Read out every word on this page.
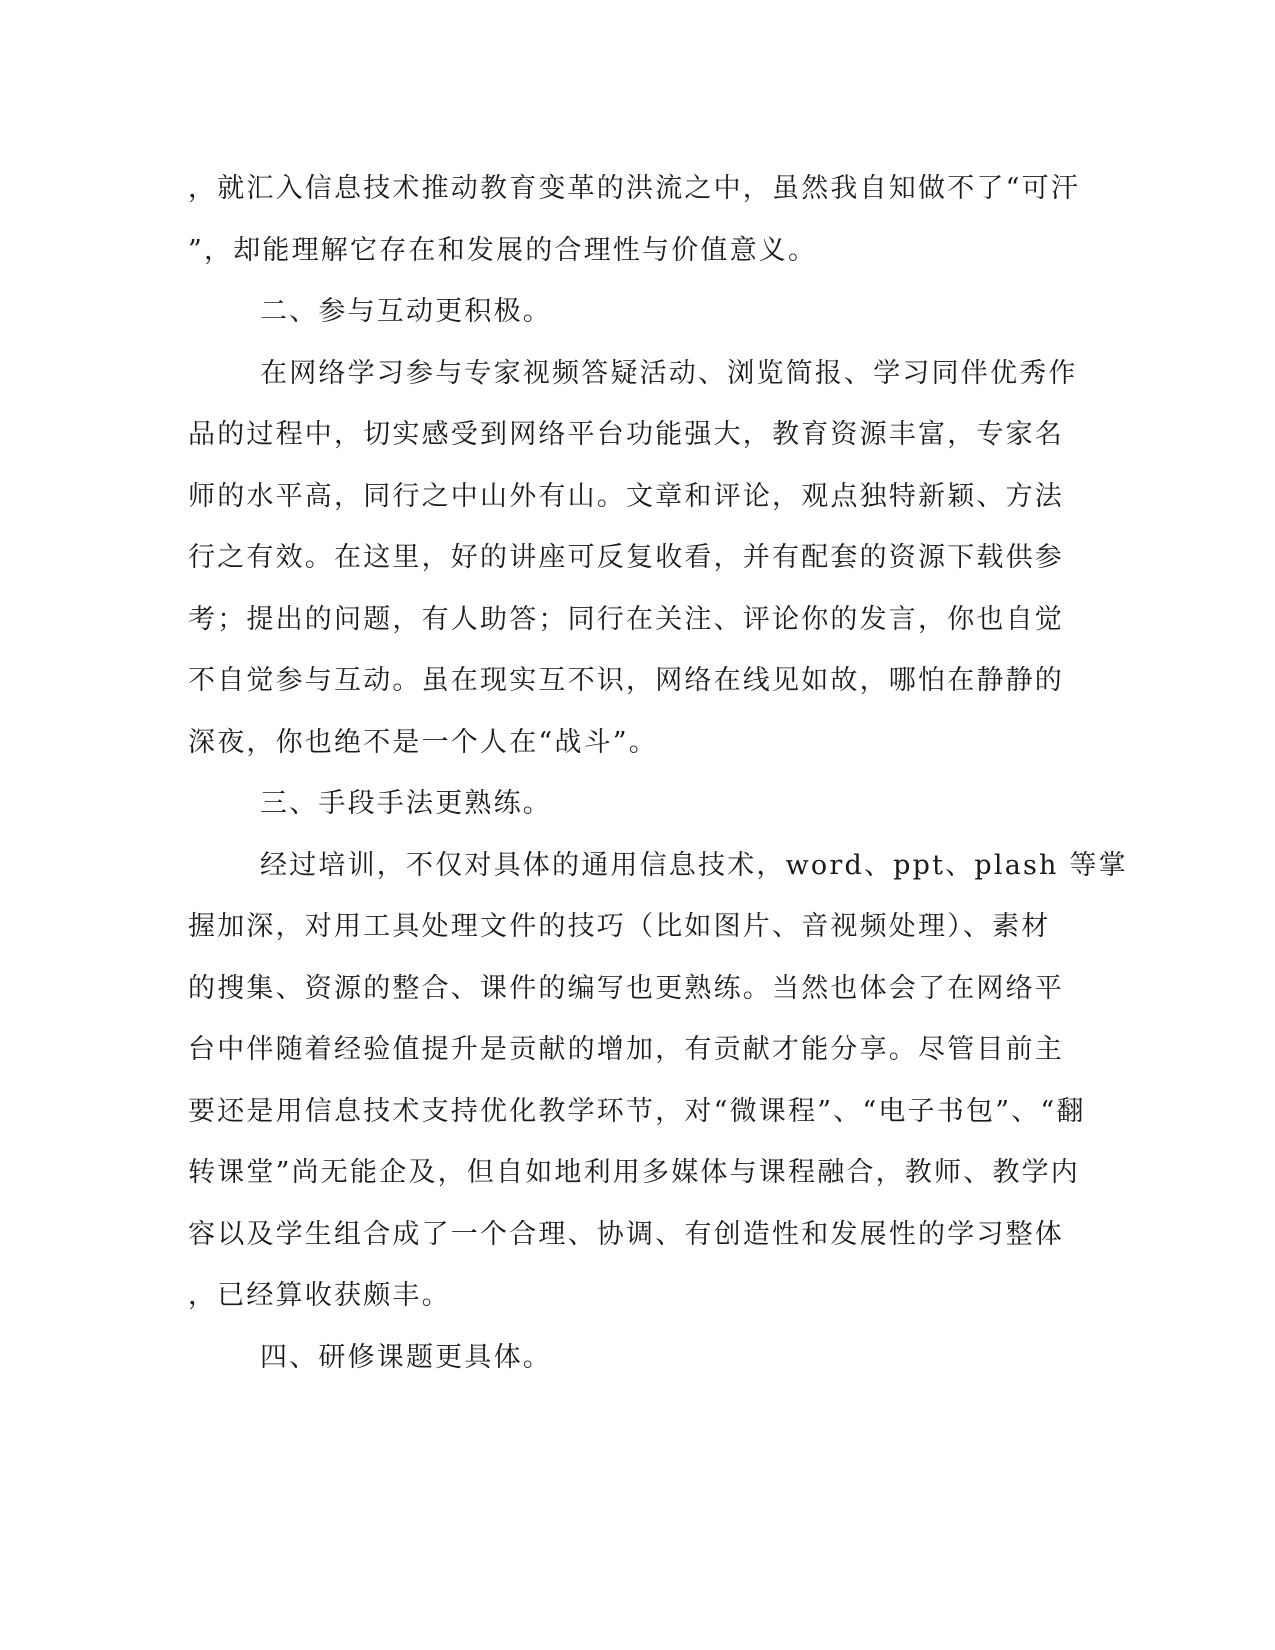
，就汇入信息技术推动教育变革的洪流之中，虽然我自知做不了“可汗
”，却能理解它存在和发展的合理性与价值意义。
二、参与互动更积极。
在网络学习参与专家视频答疑活动、浏览简报、学习同伴优秀作
品的过程中，切实感受到网络平台功能强大，教育资源丰富，专家名
师的水平高，同行之中山外有山。文章和评论，观点独特新颖、方法
行之有效。在这里，好的讲座可反复收看，并有配套的资源下载供参
考；提出的问题，有人助答；同行在关注、评论你的发言，你也自觉
不自觉参与互动。虽在现实互不识，网络在线见如故，哪怕在静静的
深夜，你也绝不是一个人在“战斗”。
三、手段手法更熟练。
经过培训，不仅对具体的通用信息技术，word、ppt、plash 等掌
握加深，对用工具处理文件的技巧（比如图片、音视频处理）、素材
的搜集、资源的整合、课件的编写也更熟练。当然也体会了在网络平
台中伴随着经验值提升是贡献的增加，有贡献才能分享。尽管目前主
要还是用信息技术支持优化教学环节，对“微课程”、“电子书包”、“翻
转课堂”尚无能企及，但自如地利用多媒体与课程融合，教师、教学内
容以及学生组合成了一个合理、协调、有创造性和发展性的学习整体
，已经算收获颇丰。
四、研修课题更具体。
